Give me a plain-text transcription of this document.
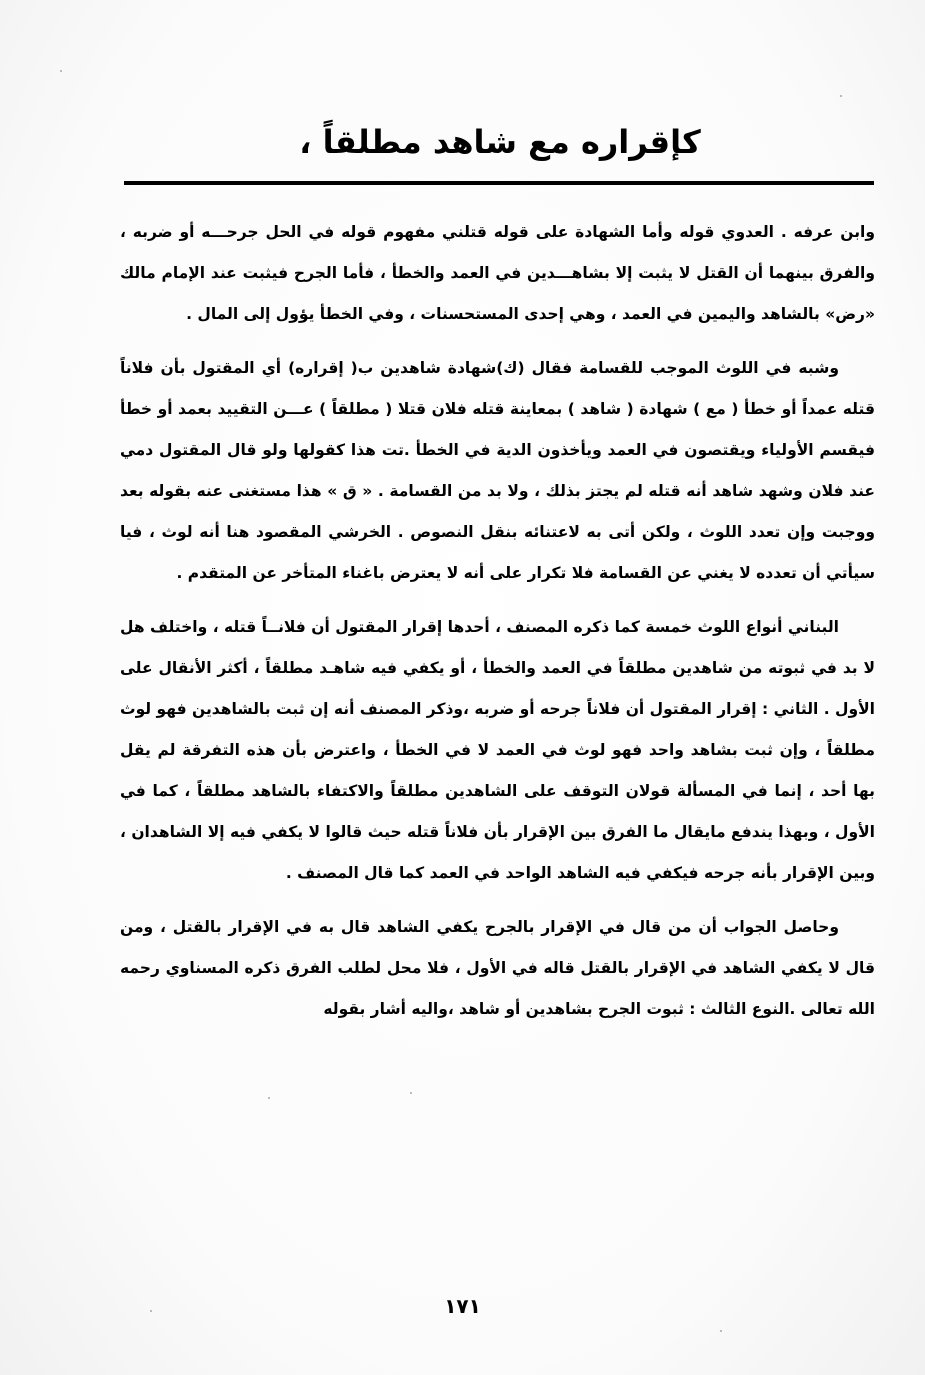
كإقراره مع شاهد مطلقاً ،

وابن عرفه . العدوي قوله وأما الشهادة على قوله قتلني مفهوم قوله في الحل جرحـــه أو ضربه ، والفرق بينهما أن القتل لا يثبت إلا بشاهـــدين في العمد والخطأ ، فأما الجرح فيثبت عند الإمام مالك «رض» بالشاهد واليمين في العمد ، وهي إحدى المستحسنات ، وفي الخطأ يؤول إلى المال .

وشبه في اللوث الموجب للقسامة فقال (ك)شهادة شاهدين ب( إقراره) أي المقتول بأن فلاناً قتله عمداً أو خطأ ( مع ) شهادة ( شاهد ) بمعاينة قتله فلان قتلا ( مطلقاً ) عـــن التقييد بعمد أو خطأ فيقسم الأولياء ويقتصون في العمد ويأخذون الدية في الخطأ .تت هذا كقولها ولو قال المقتول دمي عند فلان وشهد شاهد أنه قتله لم يجتز بذلك ، ولا بد من القسامة . « ق » هذا مستغنى عنه بقوله بعد ووجبت وإن تعدد اللوث ، ولكن أتى به لاعتنائه بنقل النصوص . الخرشي المقصود هنا أنه لوث ، فيا سيأتي أن تعدده لا يغني عن القسامة فلا تكرار على أنه لا يعترض باغناء المتأخر عن المتقدم .

البناني أنواع اللوث خمسة كما ذكره المصنف ، أحدها إقرار المقتول أن فلانــاً قتله ، واختلف هل لا بد في ثبوته من شاهدين مطلقاً في العمد والخطأ ، أو يكفي فيه شاهـد مطلقاً ، أكثر الأنقال على الأول . الثاني : إقرار المقتول أن فلاناً جرحه أو ضربه ،وذكر المصنف أنه إن ثبت بالشاهدين فهو لوث مطلقاً ، وإن ثبت بشاهد واحد فهو لوث في العمد لا في الخطأ ، واعترض بأن هذه التفرقة لم يقل بها أحد ، إنما في المسألة قولان التوقف على الشاهدين مطلقاً والاكتفاء بالشاهد مطلقاً ، كما في الأول ، وبهذا يندفع مايقال ما الفرق بين الإقرار بأن فلاناً قتله حيث قالوا لا يكفي فيه إلا الشاهدان ، وبين الإقرار بأنه جرحه فيكفي فيه الشاهد الواحد في العمد كما قال المصنف .

وحاصل الجواب أن من قال في الإقرار بالجرح يكفي الشاهد قال به في الإقرار بالقتل ، ومن قال لا يكفي الشاهد في الإقرار بالقتل قاله في الأول ، فلا محل لطلب الفرق ذكره المسناوي رحمه الله تعالى .النوع الثالث : ثبوت الجرح بشاهدين أو شاهد ،واليه أشار بقوله

١٧١
